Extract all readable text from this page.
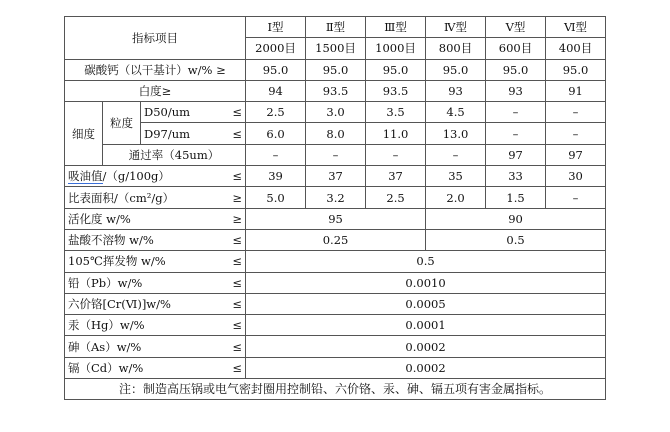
指标项目			Ⅰ型	Ⅱ型	Ⅲ型	Ⅳ型	Ⅴ型	Ⅵ型
			2000目	1500目	1000目	800目	600目	400目
碳酸钙（以干基计）w/% ≥			95.0	95.0	95.0	95.0	95.0	95.0
白度≥			94	93.5	93.5	93	93	91
细度	粒度	D50/um ≤	2.5	3.0	3.5	4.5	–	–

		D97/um ≤	6.0	8.0	11.0	13.0	–	–
	通过率（45um）		–	–	–	–	97	97

吸油值/（g/100g） ≤			39	37	37	35	33	30

比表面积/（cm²/g） ≥			5.0	3.2	2.5	2.0	1.5	–

活化度 w/% ≥			95			90		

盐酸不溶物 w/% ≤			0.25			0.5		

105℃挥发物 w/% ≤			0.5					

铅（Pb）w/% ≤			0.0010					

六价铬[Cr(Ⅵ)]w/% ≤			0.0005					

汞（Hg）w/% ≤			0.0001					

砷（As）w/% ≤			0.0002					

镉（Cd）w/% ≤			0.0002					
注：制造高压锅或电气密封圈用控制铅、六价铬、汞、砷、镉五项有害金属指标。								
